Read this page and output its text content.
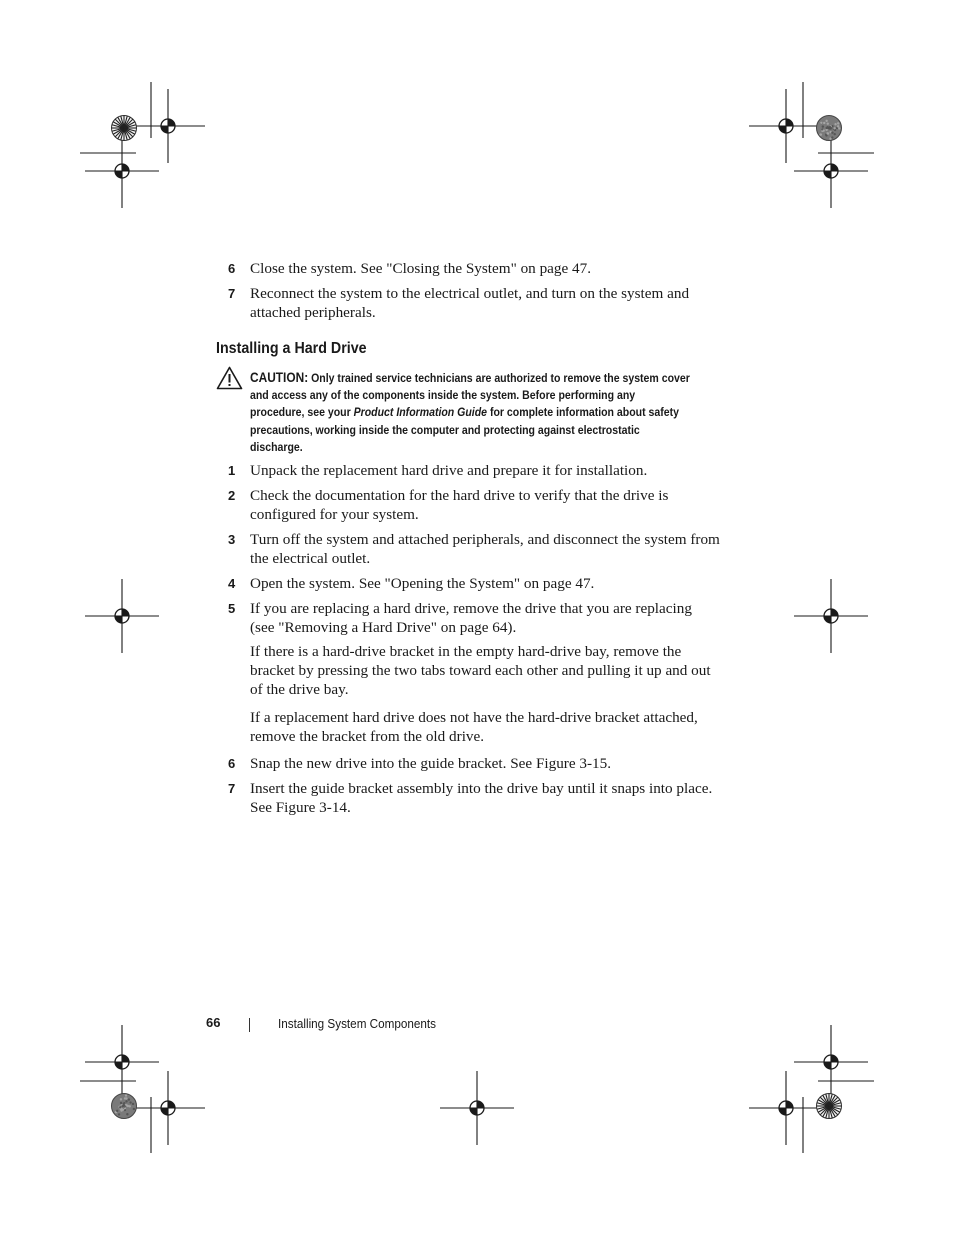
6 Close the system. See "Closing the System" on page 47.
7 Reconnect the system to the electrical outlet, and turn on the system and attached peripherals.
Installing a Hard Drive
CAUTION: Only trained service technicians are authorized to remove the system cover and access any of the components inside the system. Before performing any procedure, see your Product Information Guide for complete information about safety precautions, working inside the computer and protecting against electrostatic discharge.
1 Unpack the replacement hard drive and prepare it for installation.
2 Check the documentation for the hard drive to verify that the drive is configured for your system.
3 Turn off the system and attached peripherals, and disconnect the system from the electrical outlet.
4 Open the system. See "Opening the System" on page 47.
5 If you are replacing a hard drive, remove the drive that you are replacing (see "Removing a Hard Drive" on page 64).
If there is a hard-drive bracket in the empty hard-drive bay, remove the bracket by pressing the two tabs toward each other and pulling it up and out of the drive bay.
If a replacement hard drive does not have the hard-drive bracket attached, remove the bracket from the old drive.
6 Snap the new drive into the guide bracket. See Figure 3-15.
7 Insert the guide bracket assembly into the drive bay until it snaps into place. See Figure 3-14.
66	Installing System Components
